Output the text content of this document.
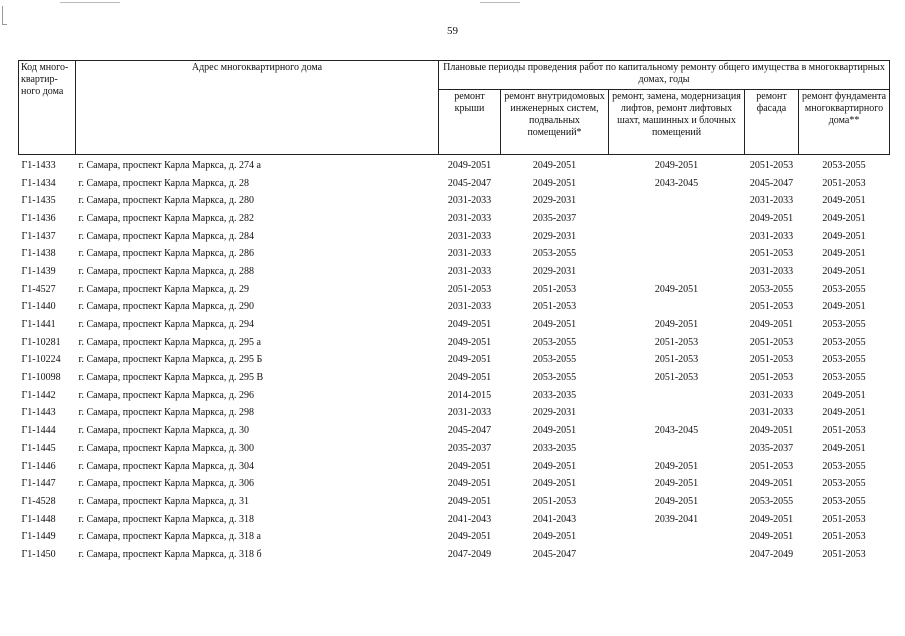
59
Код много- квартир- ного дома	Адрес многоквартирного дома	Плановые периоды проведения работ по капитальному ремонту общего имущества в многоквартирных домах, годы				
		ремонт крыши	ремонт внутридомовых инженерных систем, подвальных помещений*	ремонт, замена, модернизация лифтов, ремонт лифтовых шахт, машинных и блочных помещений	ремонт фасада	ремонт фундамента многоквартирного дома**
Г1-1433	г. Самара, проспект Карла Маркса, д. 274 а	2049-2051	2049-2051	2049-2051	2051-2053	2053-2055
Г1-1434	г. Самара, проспект Карла Маркса, д. 28	2045-2047	2049-2051	2043-2045	2045-2047	2051-2053
Г1-1435	г. Самара, проспект Карла Маркса, д. 280	2031-2033	2029-2031		2031-2033	2049-2051
Г1-1436	г. Самара, проспект Карла Маркса, д. 282	2031-2033	2035-2037		2049-2051	2049-2051
Г1-1437	г. Самара, проспект Карла Маркса, д. 284	2031-2033	2029-2031		2031-2033	2049-2051
Г1-1438	г. Самара, проспект Карла Маркса, д. 286	2031-2033	2053-2055		2051-2053	2049-2051
Г1-1439	г. Самара, проспект Карла Маркса, д. 288	2031-2033	2029-2031		2031-2033	2049-2051
Г1-4527	г. Самара, проспект Карла Маркса, д. 29	2051-2053	2051-2053	2049-2051	2053-2055	2053-2055
Г1-1440	г. Самара, проспект Карла Маркса, д. 290	2031-2033	2051-2053		2051-2053	2049-2051
Г1-1441	г. Самара, проспект Карла Маркса, д. 294	2049-2051	2049-2051	2049-2051	2049-2051	2053-2055
Г1-10281	г. Самара, проспект Карла Маркса, д. 295 а	2049-2051	2053-2055	2051-2053	2051-2053	2053-2055
Г1-10224	г. Самара, проспект Карла Маркса, д. 295 Б	2049-2051	2053-2055	2051-2053	2051-2053	2053-2055
Г1-10098	г. Самара, проспект Карла Маркса, д. 295 В	2049-2051	2053-2055	2051-2053	2051-2053	2053-2055
Г1-1442	г. Самара, проспект Карла Маркса, д. 296	2014-2015	2033-2035		2031-2033	2049-2051
Г1-1443	г. Самара, проспект Карла Маркса, д. 298	2031-2033	2029-2031		2031-2033	2049-2051
Г1-1444	г. Самара, проспект Карла Маркса, д. 30	2045-2047	2049-2051	2043-2045	2049-2051	2051-2053
Г1-1445	г. Самара, проспект Карла Маркса, д. 300	2035-2037	2033-2035		2035-2037	2049-2051
Г1-1446	г. Самара, проспект Карла Маркса, д. 304	2049-2051	2049-2051	2049-2051	2051-2053	2053-2055
Г1-1447	г. Самара, проспект Карла Маркса, д. 306	2049-2051	2049-2051	2049-2051	2049-2051	2053-2055
Г1-4528	г. Самара, проспект Карла Маркса, д. 31	2049-2051	2051-2053	2049-2051	2053-2055	2053-2055
Г1-1448	г. Самара, проспект Карла Маркса, д. 318	2041-2043	2041-2043	2039-2041	2049-2051	2051-2053
Г1-1449	г. Самара, проспект Карла Маркса, д. 318 а	2049-2051	2049-2051		2049-2051	2051-2053
Г1-1450	г. Самара, проспект Карла Маркса, д. 318 б	2047-2049	2045-2047		2047-2049	2051-2053
